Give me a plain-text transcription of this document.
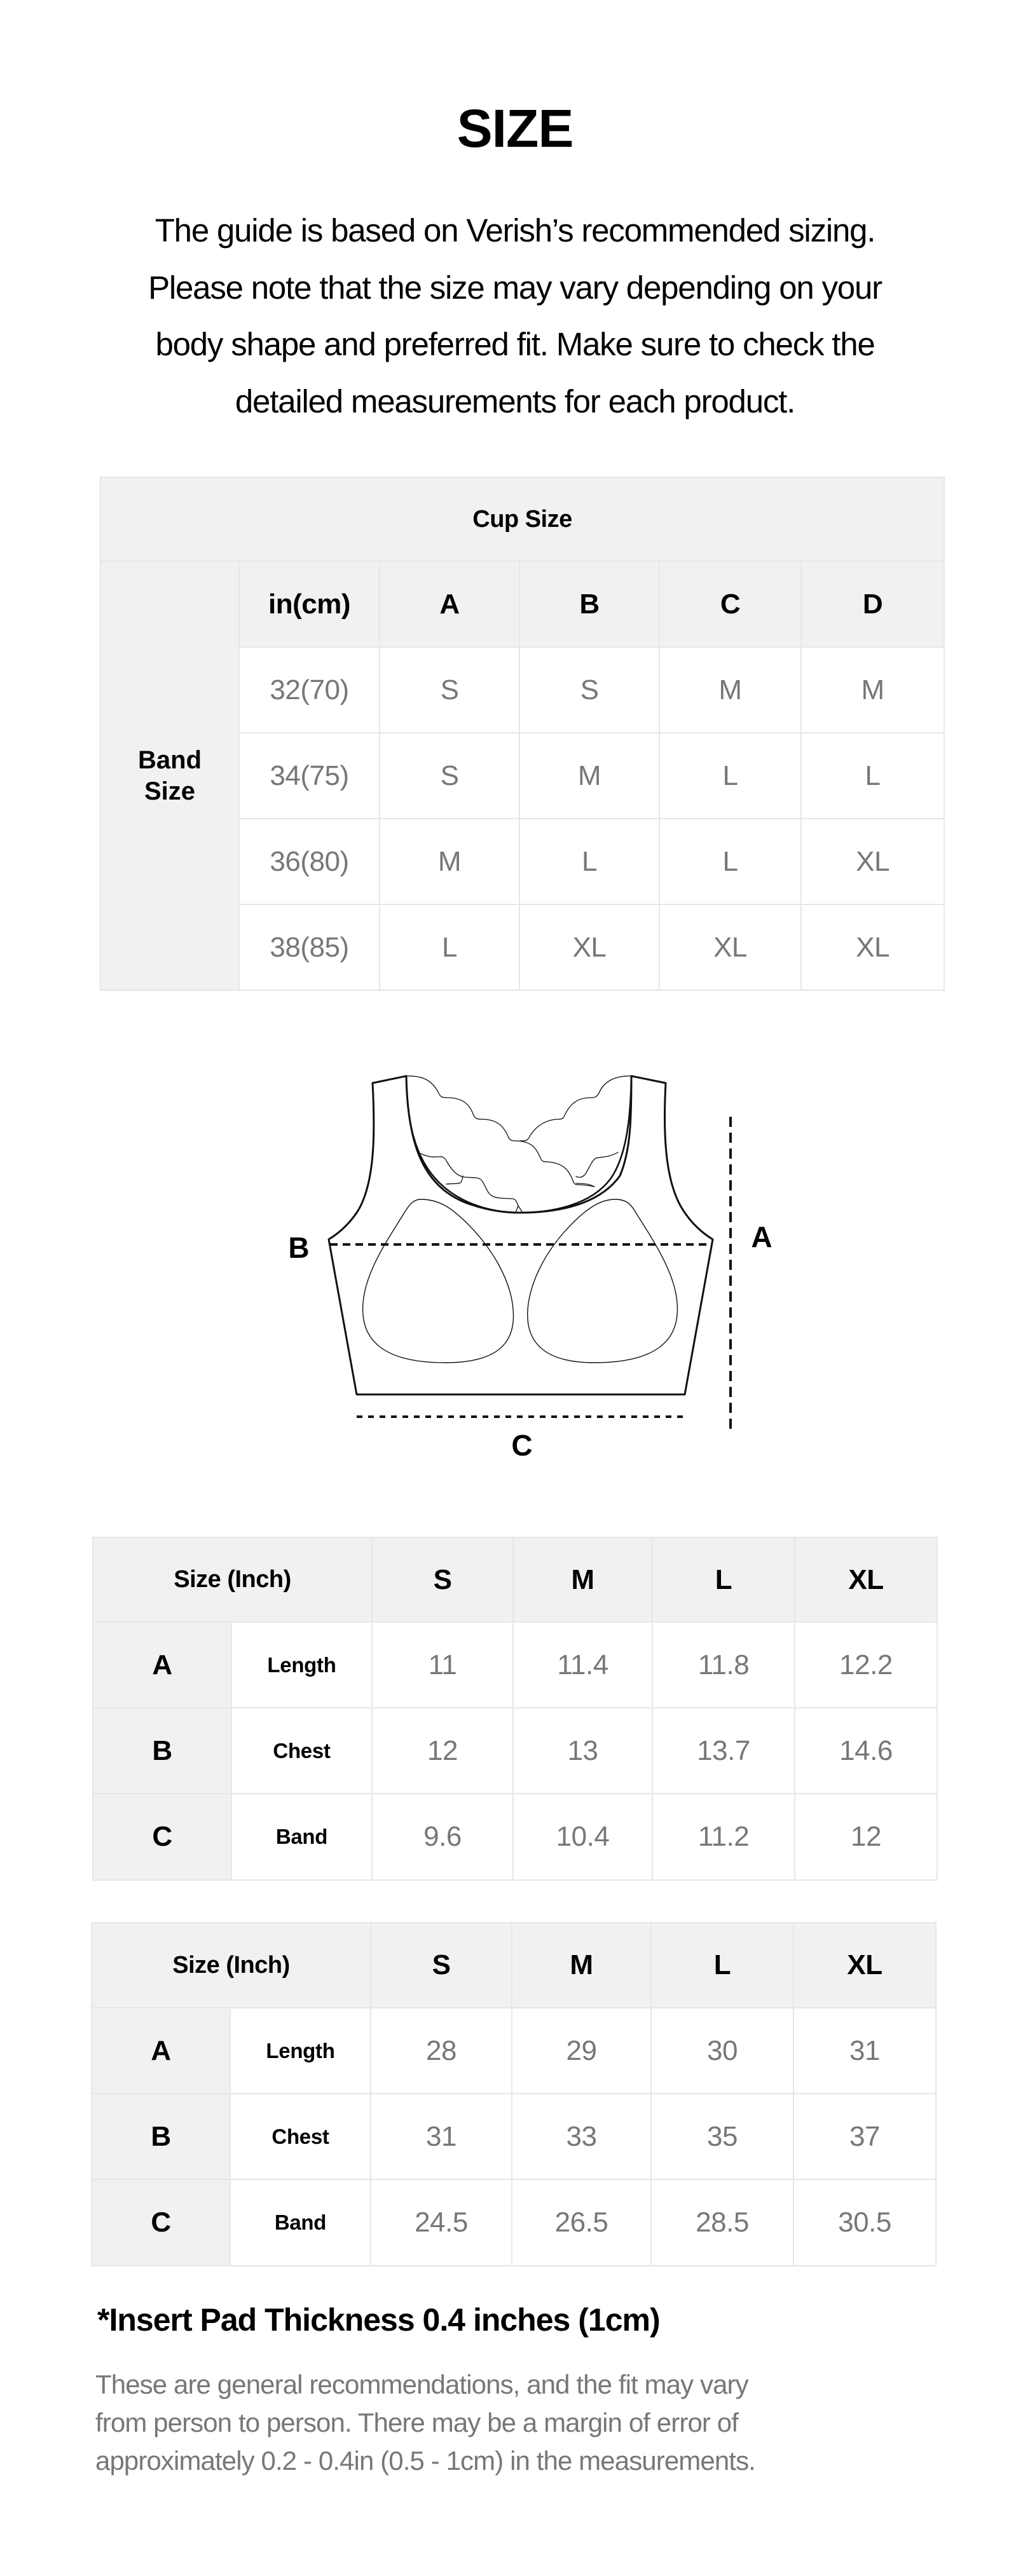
SIZE

The guide is based on Verish’s recommended sizing.
Please note that the size may vary depending on your
body shape and preferred fit. Make sure to check the
detailed measurements for each product.

Cup Size					

Band
Size	in(cm)	A	B	C	D
	32(70)	S	S	M	M
	34(75)	S	M	L	L
	36(80)	M	L	L	XL
	38(85)	L	XL	XL	XL
B	A
C
Size (Inch)		S	M	L	XL
A	Length	11	11.4	11.8	12.2
B	Chest	12	13	13.7	14.6
C	Band	9.6	10.4	11.2	12
Size (Inch)		S	M	L	XL
A	Length	28	29	30	31
B	Chest	31	33	35	37
C	Band	24.5	26.5	28.5	30.5
*Insert Pad Thickness 0.4 inches (1cm)

These are general recommendations, and the fit may vary
from person to person. There may be a margin of error of
approximately 0.2 - 0.4in (0.5 - 1cm) in the measurements.
